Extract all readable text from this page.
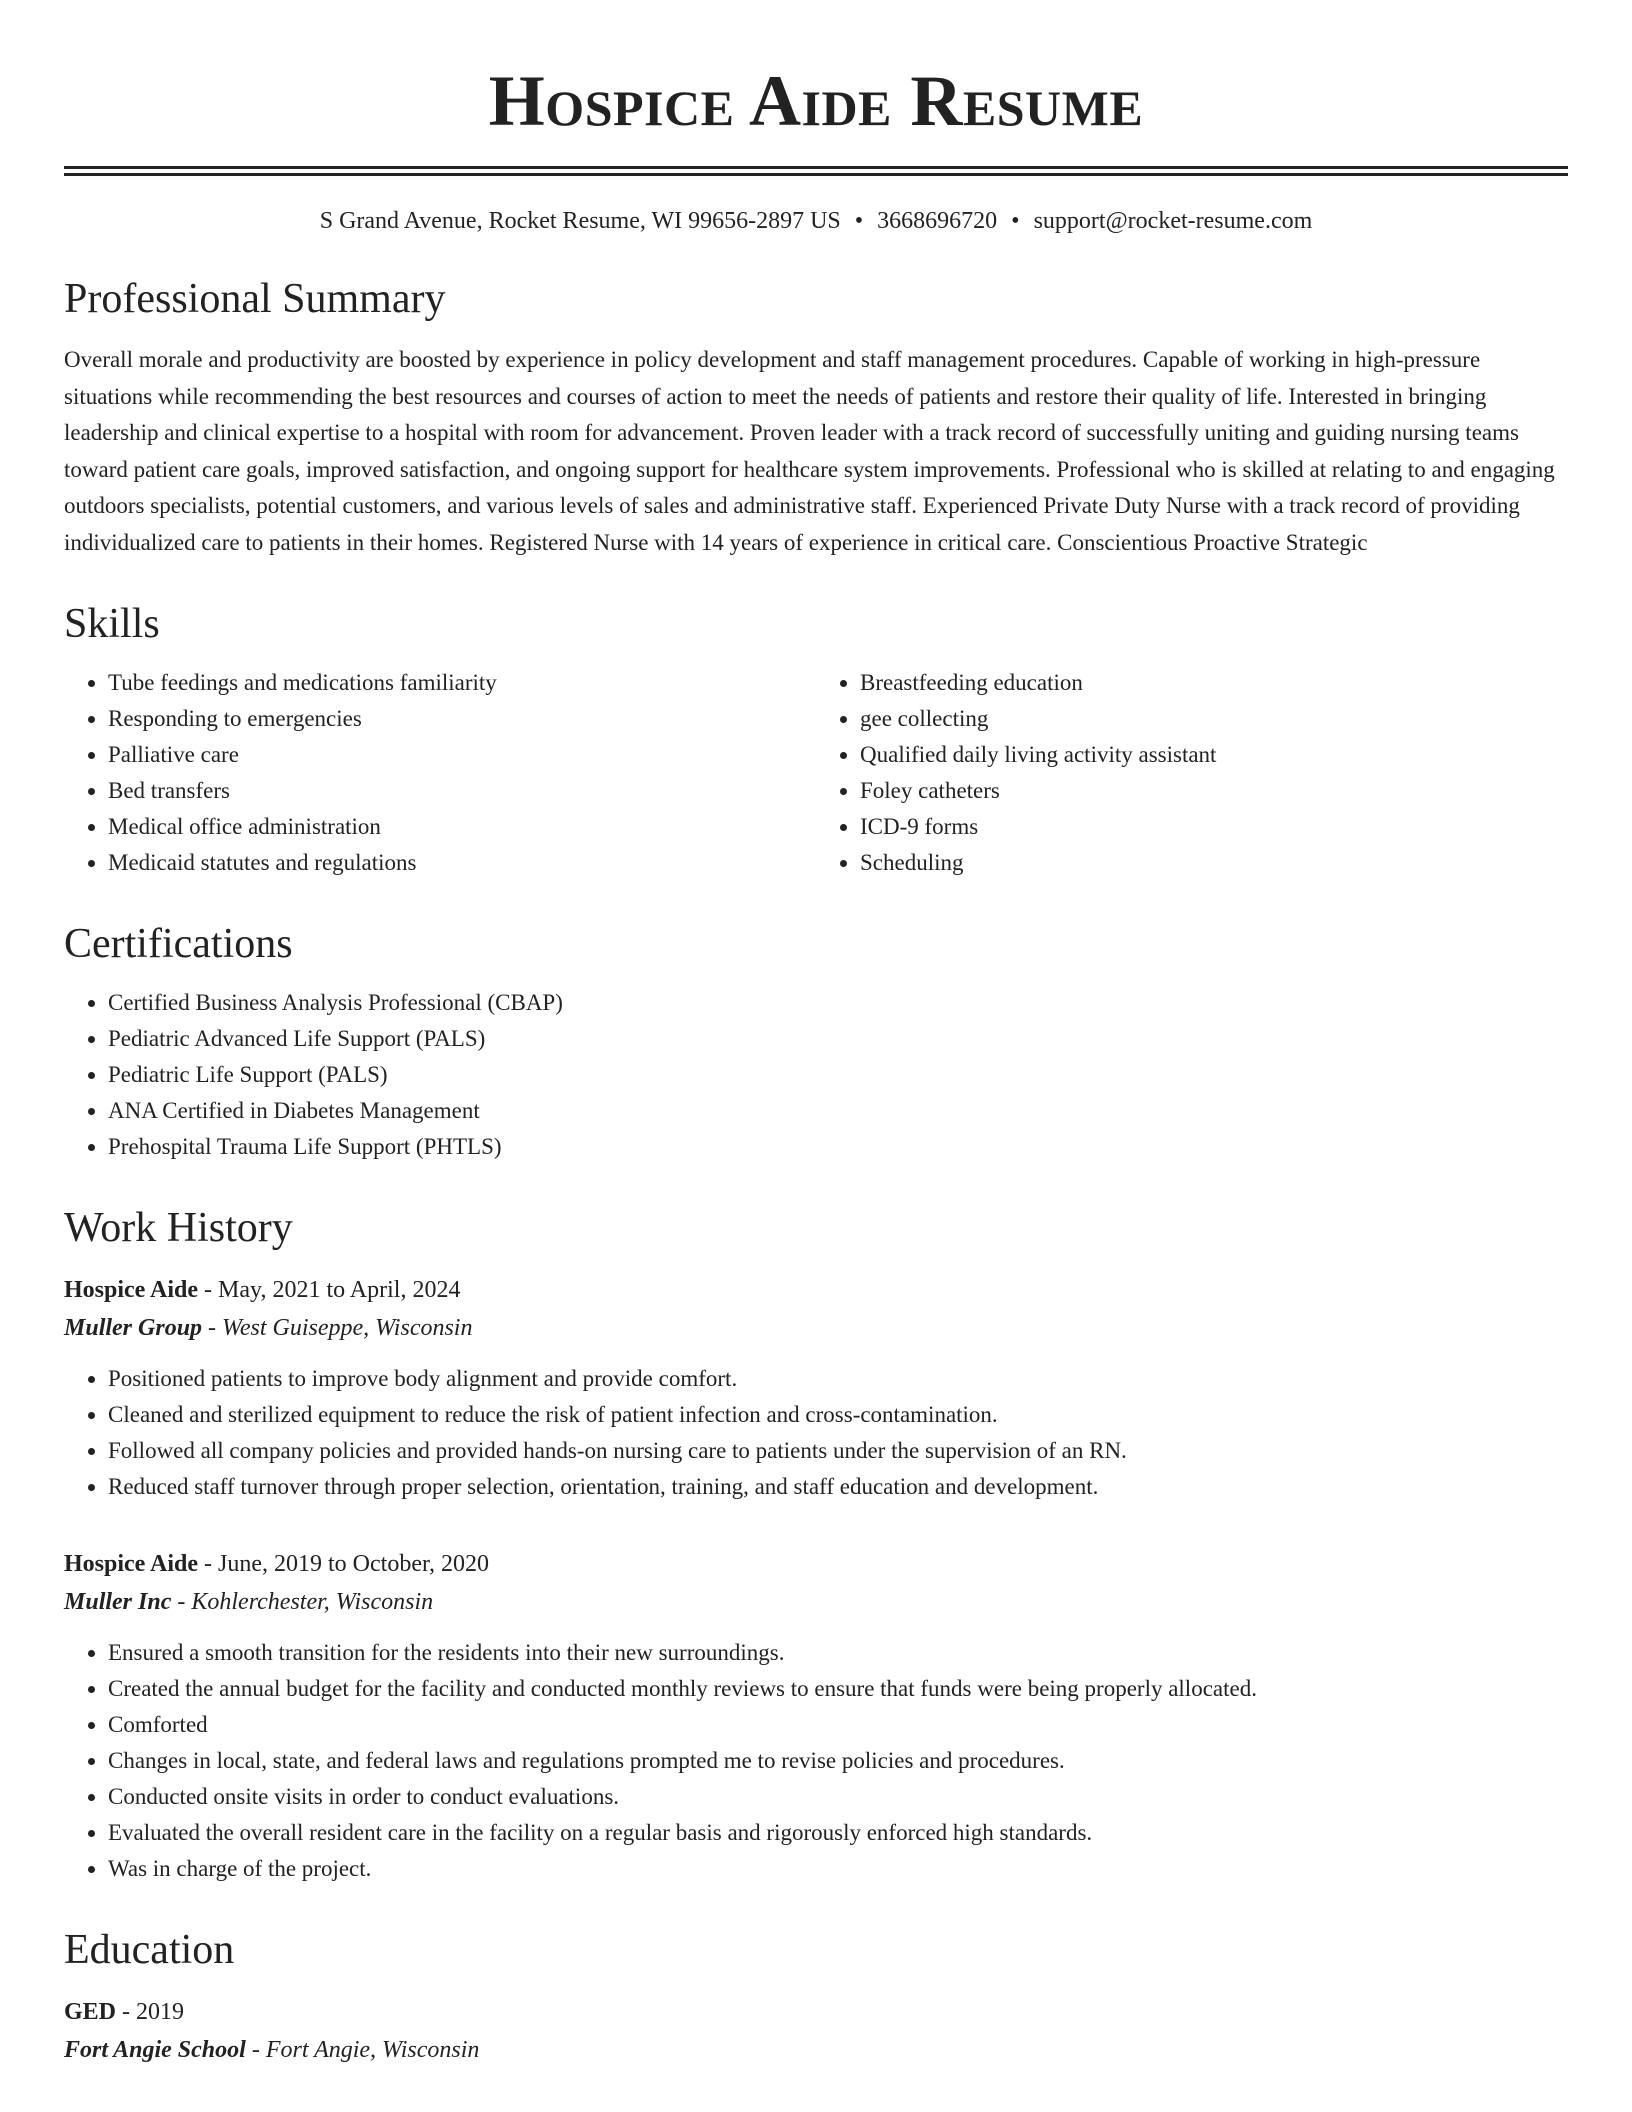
Hospice Aide Resume
S Grand Avenue, Rocket Resume, WI 99656-2897 US • 3668696720 • support@rocket-resume.com
Professional Summary

Overall morale and productivity are boosted by experience in policy development and staff management procedures. Capable of working in high-pressure situations while recommending the best resources and courses of action to meet the needs of patients and restore their quality of life. Interested in bringing leadership and clinical expertise to a hospital with room for advancement. Proven leader with a track record of successfully uniting and guiding nursing teams toward patient care goals, improved satisfaction, and ongoing support for healthcare system improvements. Professional who is skilled at relating to and engaging outdoors specialists, potential customers, and various levels of sales and administrative staff. Experienced Private Duty Nurse with a track record of providing individualized care to patients in their homes. Registered Nurse with 14 years of experience in critical care. Conscientious Proactive Strategic

Skills
• Tube feedings and medications familiarity
• Responding to emergencies
• Palliative care
• Bed transfers
• Medical office administration
• Medicaid statutes and regulations
• Breastfeeding education
• gee collecting
• Qualified daily living activity assistant
• Foley catheters
• ICD-9 forms
• Scheduling
Certifications
• Certified Business Analysis Professional (CBAP)
• Pediatric Advanced Life Support (PALS)
• Pediatric Life Support (PALS)
• ANA Certified in Diabetes Management
• Prehospital Trauma Life Support (PHTLS)
Work History
Hospice Aide - May, 2021 to April, 2024
Muller Group - West Guiseppe, Wisconsin
• Positioned patients to improve body alignment and provide comfort.
• Cleaned and sterilized equipment to reduce the risk of patient infection and cross-contamination.
• Followed all company policies and provided hands-on nursing care to patients under the supervision of an RN.
• Reduced staff turnover through proper selection, orientation, training, and staff education and development.
Hospice Aide - June, 2019 to October, 2020
Muller Inc - Kohlerchester, Wisconsin
• Ensured a smooth transition for the residents into their new surroundings.
• Created the annual budget for the facility and conducted monthly reviews to ensure that funds were being properly allocated.
• Comforted
• Changes in local, state, and federal laws and regulations prompted me to revise policies and procedures.
• Conducted onsite visits in order to conduct evaluations.
• Evaluated the overall resident care in the facility on a regular basis and rigorously enforced high standards.
• Was in charge of the project.
Education
GED - 2019
Fort Angie School - Fort Angie, Wisconsin
